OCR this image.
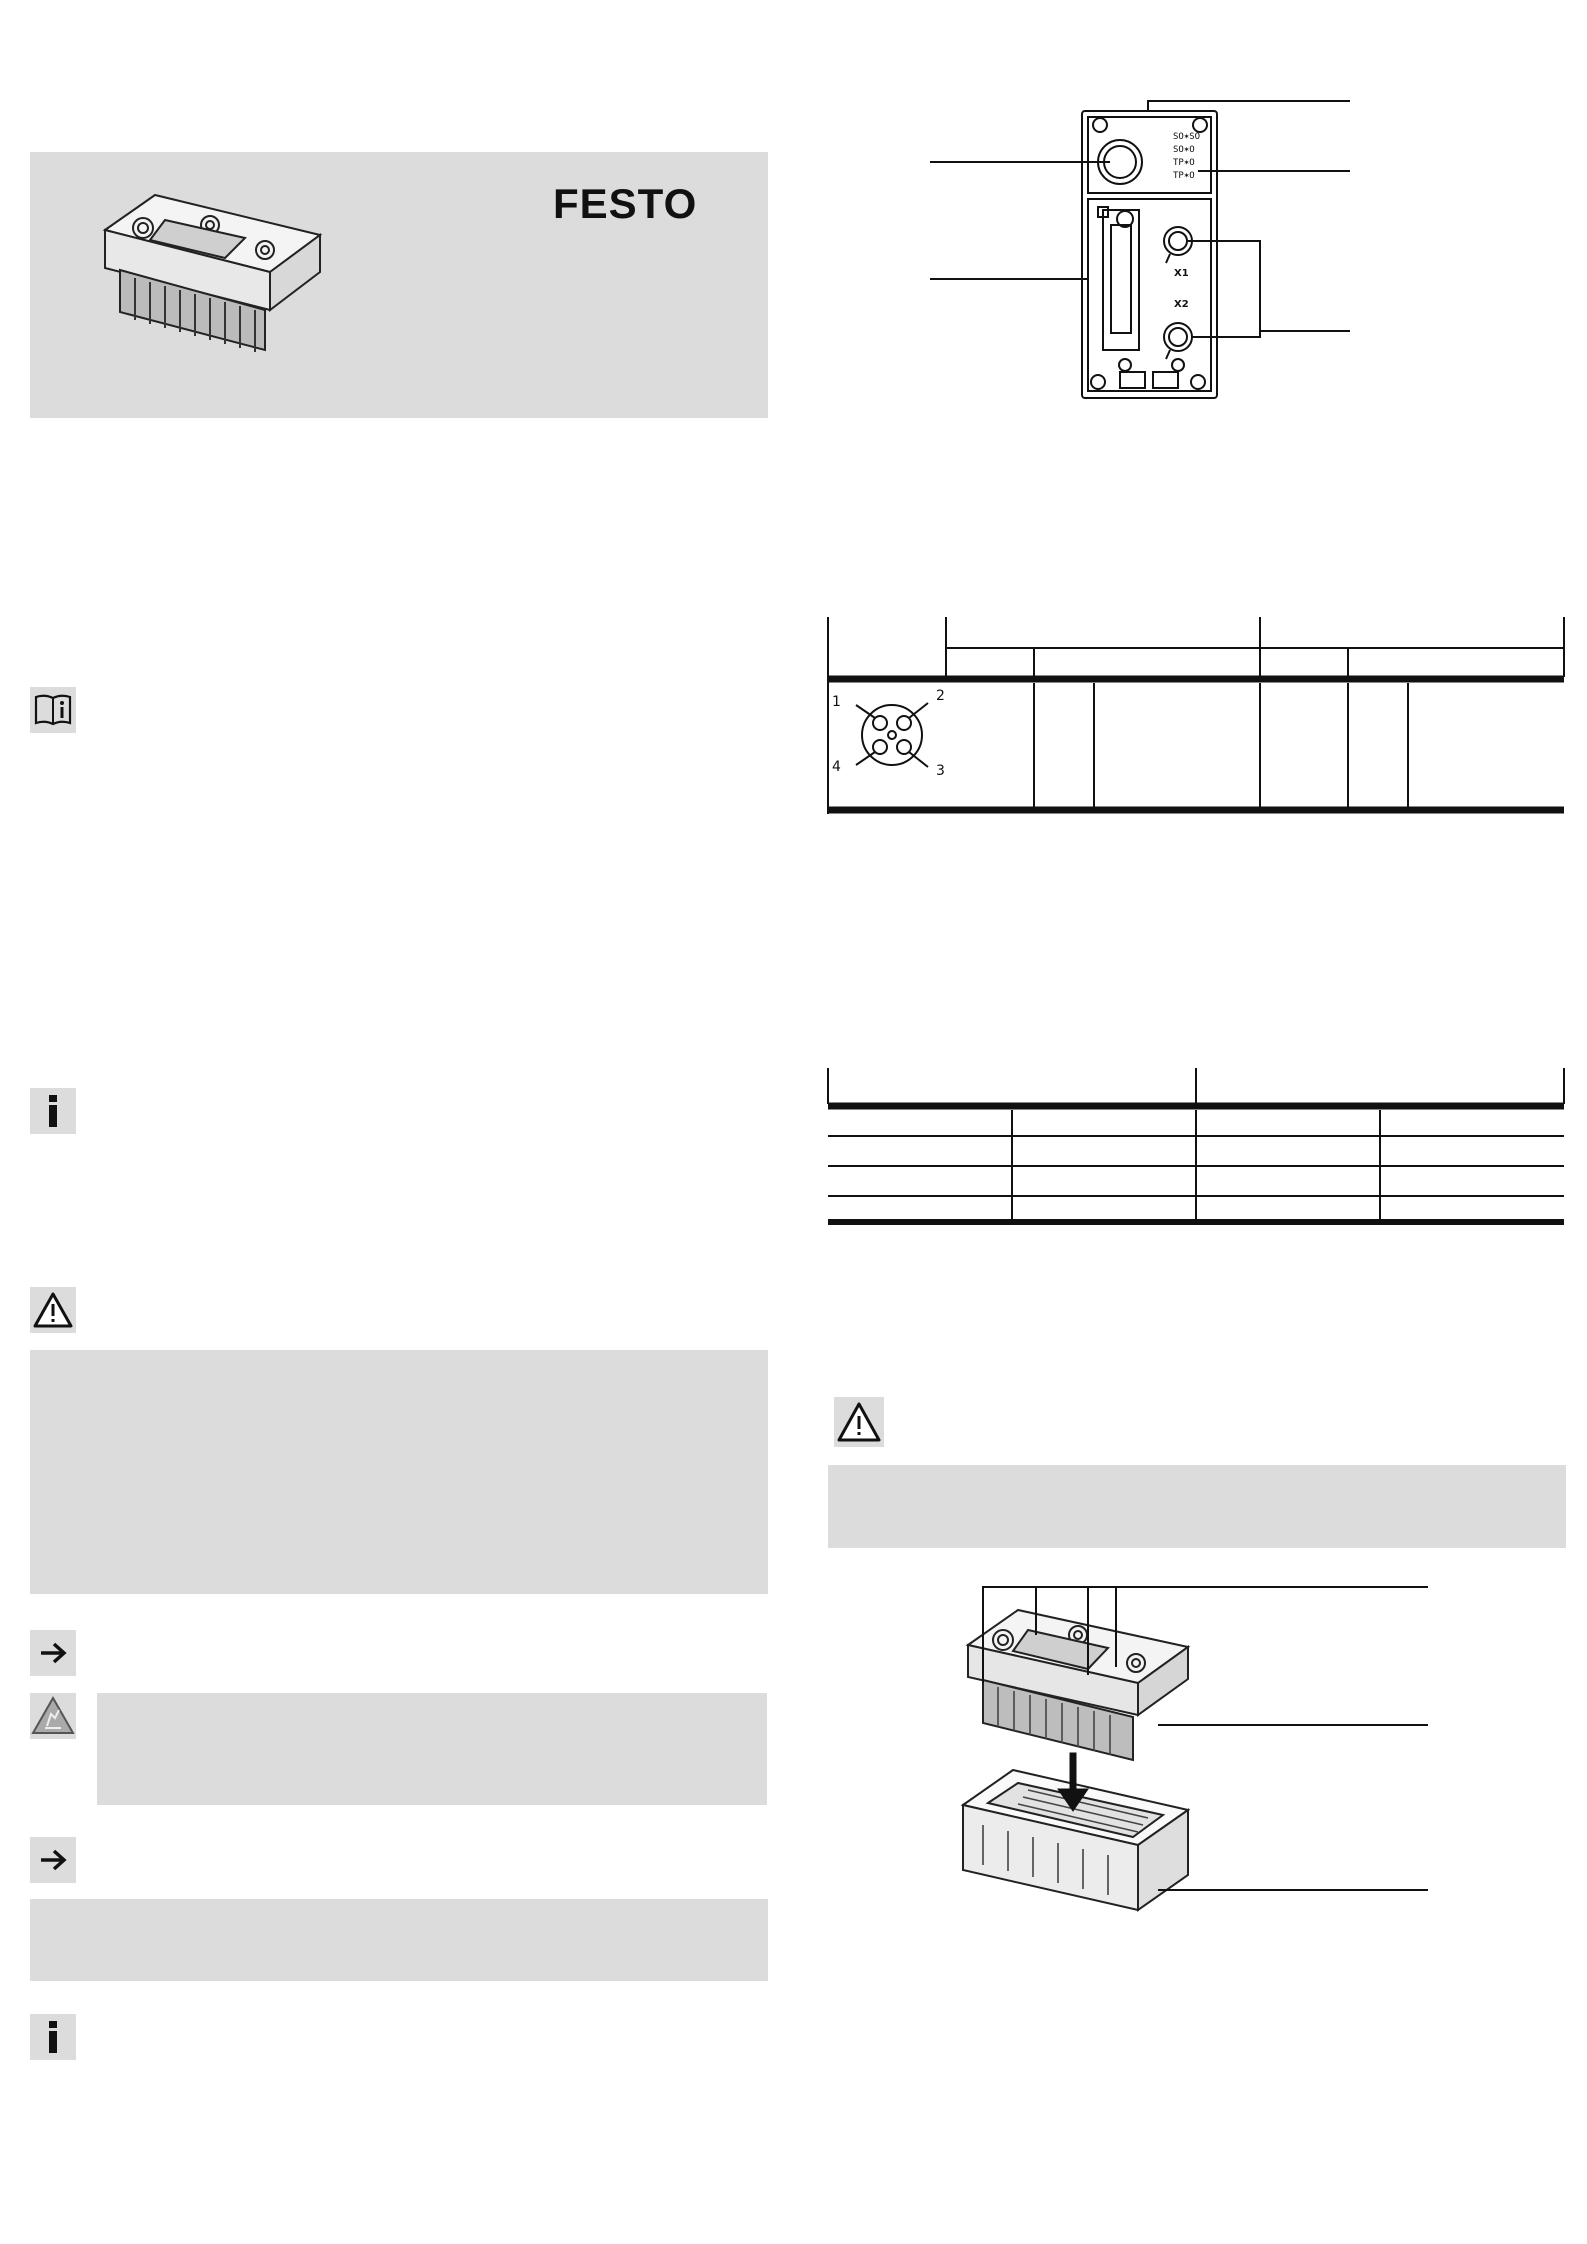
FESTO
SO✶SO
SO✶O
TP✶O
TP✶O
X1
X2
1	2
3
4
